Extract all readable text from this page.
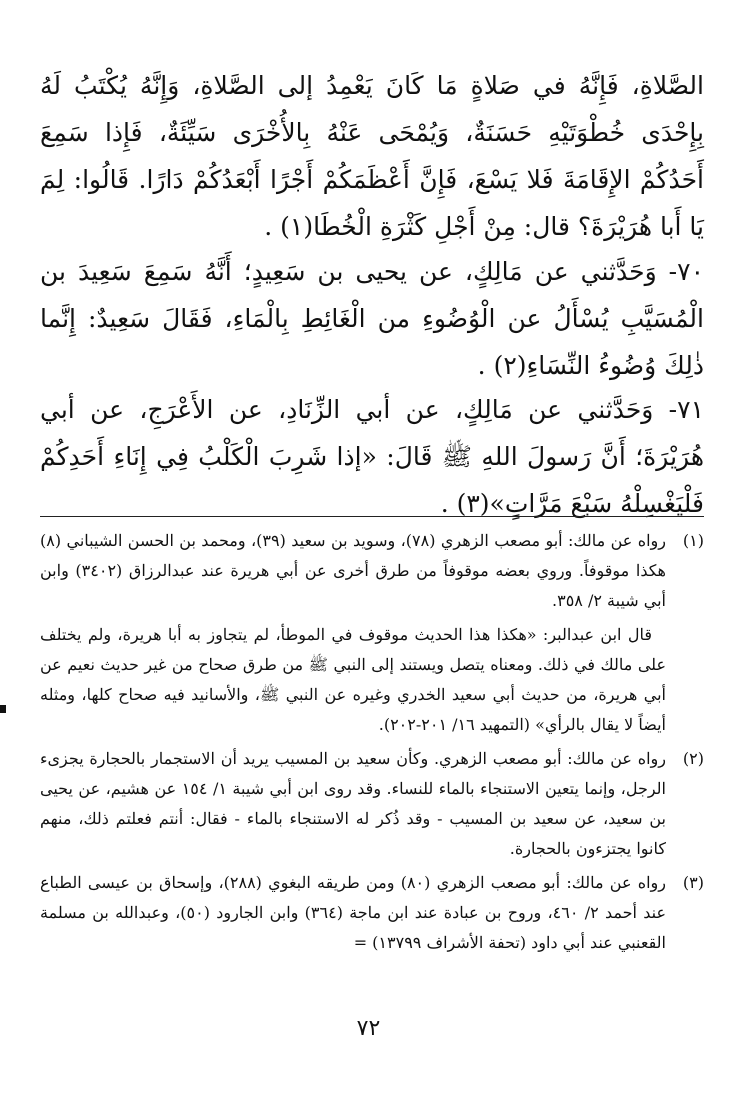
الصَّلاةِ، فَإِنَّهُ في صَلاةٍ مَا كَانَ يَعْمِدُ إلى الصَّلاةِ، وَإِنَّهُ يُكْتَبُ لَهُ بِإِحْدَى خُطْوَتَيْهِ حَسَنَةٌ، وَيُمْحَى عَنْهُ بِالأُخْرَى سَيِّئَةٌ، فَإِذا سَمِعَ أَحَدُكُمْ الإِقَامَةَ فَلا يَسْعَ، فَإِنَّ أَعْظَمَكُمْ أَجْرًا أَبْعَدُكُمْ دَارًا. قَالُوا: لِمَ يَا أَبا هُرَيْرَةَ؟ قال: مِنْ أَجْلِ كَثْرَةِ الْخُطَا(١) .

٧٠- وَحَدَّثني عن مَالِكٍ، عن يحيى بن سَعِيدٍ؛ أَنَّهُ سَمِعَ سَعِيدَ بن الْمُسَيَّبِ يُسْأَلُ عن الْوُضُوءِ من الْغَائِطِ بِالْمَاءِ، فَقَالَ سَعِيدٌ: إِنَّما ذٰلِكَ وُضُوءُ النِّسَاءِ(٢) .

٧١- وَحَدَّثني عن مَالِكٍ، عن أبي الزِّنَادِ، عن الأَعْرَجِ، عن أبي هُرَيْرَةَ؛ أَنَّ رَسولَ اللهِ ﷺ قَالَ: «إذا شَرِبَ الْكَلْبُ فِي إِنَاءِ أَحَدِكُمْ فَلْيَغْسِلْهُ سَبْعَ مَرَّاتٍ»(٣) .

(١)

رواه عن مالك: أبو مصعب الزهري (٧٨)، وسويد بن سعيد (٣٩)، ومحمد بن الحسن الشيباني (٨) هكذا موقوفاً. وروي بعضه موقوفاً من طرق أخرى عن أبي هريرة عند عبدالرزاق (٣٤٠٢) وابن أبي شيبة ٢/ ٣٥٨.

قال ابن عبدالبر: «هكذا هذا الحديث موقوف في الموطأ، لم يتجاوز به أبا هريرة، ولم يختلف على مالك في ذلك. ومعناه يتصل ويستند إلى النبي ﷺ من طرق صحاح من غير حديث نعيم عن أبي هريرة، من حديث أبي سعيد الخدري وغيره عن النبي ﷺ، والأسانيد فيه صحاح كلها، ومثله أيضاً لا يقال بالرأي» (التمهيد ١٦/ ٢٠١-٢٠٢).

(٢)

رواه عن مالك: أبو مصعب الزهري. وكأن سعيد بن المسيب يريد أن الاستجمار بالحجارة يجزىء الرجل، وإنما يتعين الاستنجاء بالماء للنساء. وقد روى ابن أبي شيبة ١/ ١٥٤ عن هشيم، عن يحيى بن سعيد، عن سعيد بن المسيب - وقد ذُكر له الاستنجاء بالماء - فقال: أنتم فعلتم ذلك، منهم كانوا يجتزءون بالحجارة.

(٣)

رواه عن مالك: أبو مصعب الزهري (٨٠) ومن طريقه البغوي (٢٨٨)، وإسحاق بن عيسى الطباع عند أحمد ٢/ ٤٦٠، وروح بن عبادة عند ابن ماجة (٣٦٤) وابن الجارود (٥٠)، وعبدالله بن مسلمة القعنبي عند أبي داود (تحفة الأشراف ١٣٧٩٩) =

٧٢
